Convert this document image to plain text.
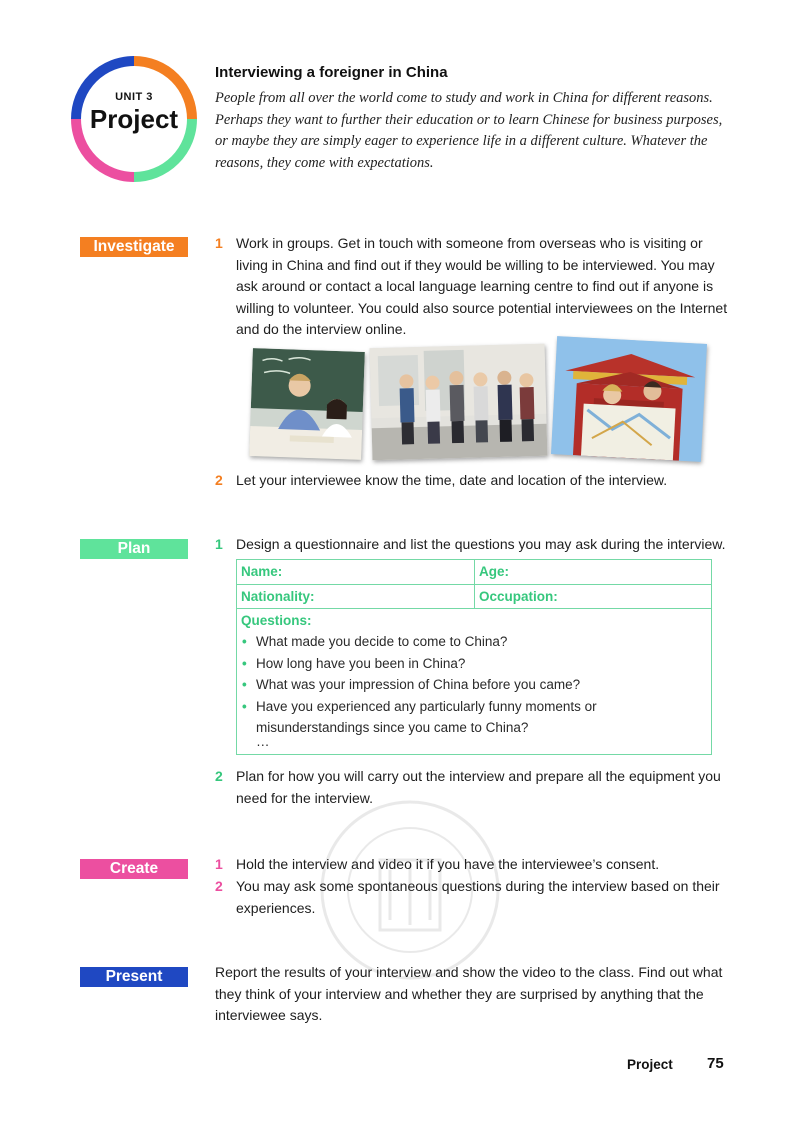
UNIT 3
Project
Interviewing a foreigner in China
People from all over the world come to study and work in China for different reasons. Perhaps they want to further their education or to learn Chinese for business purposes, or maybe they are simply eager to experience life in a different culture. Whatever the reasons, they come with expectations.
Investigate	1 Work in groups. Get in touch with someone from overseas who is visiting or living in China and find out if they would be willing to be interviewed. You may ask around or contact a local language learning centre to find out if anyone is willing to volunteer. You could also source potential interviewees on the Internet and do the interview online.
2 Let your interviewee know the time, date and location of the interview.
Plan	1 Design a questionnaire and list the questions you may ask during the interview.
Name:	Age:
Nationality:	Occupation:
Questions:
• What made you decide to come to China?
• How long have you been in China?
• What was your impression of China before you came?
• Have you experienced any particularly funny moments or misunderstandings since you came to China?
…
2 Plan for how you will carry out the interview and prepare all the equipment you need for the interview.
Create	1 Hold the interview and video it if you have the interviewee’s consent.
2 You may ask some spontaneous questions during the interview based on their experiences.
Present	Report the results of your interview and show the video to the class. Find out what they think of your interview and whether they are surprised by anything that the interviewee says.
Project 75
